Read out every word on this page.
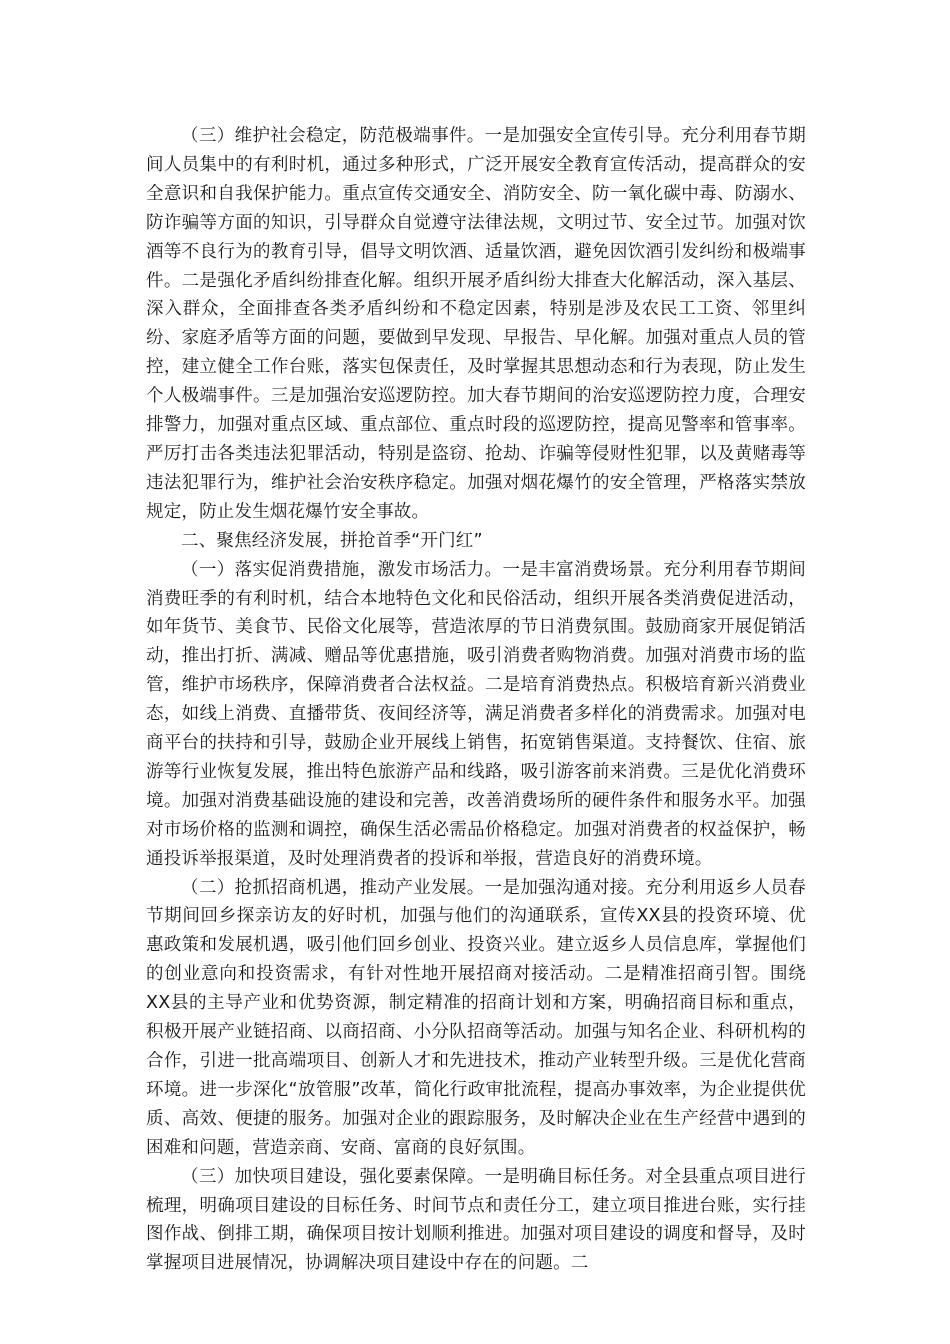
（三）维护社会稳定，防范极端事件。一是加强安全宣传引导。充分利用春节期间人员集中的有利时机，通过多种形式，广泛开展安全教育宣传活动，提高群众的安全意识和自我保护能力。重点宣传交通安全、消防安全、防一氧化碳中毒、防溺水、防诈骗等方面的知识，引导群众自觉遵守法律法规，文明过节、安全过节。加强对饮酒等不良行为的教育引导，倡导文明饮酒、适量饮酒，避免因饮酒引发纠纷和极端事件。二是强化矛盾纠纷排查化解。组织开展矛盾纠纷大排查大化解活动，深入基层、深入群众，全面排查各类矛盾纠纷和不稳定因素，特别是涉及农民工工资、邻里纠纷、家庭矛盾等方面的问题，要做到早发现、早报告、早化解。加强对重点人员的管控，建立健全工作台账，落实包保责任，及时掌握其思想动态和行为表现，防止发生个人极端事件。三是加强治安巡逻防控。加大春节期间的治安巡逻防控力度，合理安排警力，加强对重点区域、重点部位、重点时段的巡逻防控，提高见警率和管事率。严厉打击各类违法犯罪活动，特别是盗窃、抢劫、诈骗等侵财性犯罪，以及黄赌毒等违法犯罪行为，维护社会治安秩序稳定。加强对烟花爆竹的安全管理，严格落实禁放规定，防止发生烟花爆竹安全事故。

二、聚焦经济发展，拼抢首季“开门红”

（一）落实促消费措施，激发市场活力。一是丰富消费场景。充分利用春节期间消费旺季的有利时机，结合本地特色文化和民俗活动，组织开展各类消费促进活动，如年货节、美食节、民俗文化展等，营造浓厚的节日消费氛围。鼓励商家开展促销活动，推出打折、满减、赠品等优惠措施，吸引消费者购物消费。加强对消费市场的监管，维护市场秩序，保障消费者合法权益。二是培育消费热点。积极培育新兴消费业态，如线上消费、直播带货、夜间经济等，满足消费者多样化的消费需求。加强对电商平台的扶持和引导，鼓励企业开展线上销售，拓宽销售渠道。支持餐饮、住宿、旅游等行业恢复发展，推出特色旅游产品和线路，吸引游客前来消费。三是优化消费环境。加强对消费基础设施的建设和完善，改善消费场所的硬件条件和服务水平。加强对市场价格的监测和调控，确保生活必需品价格稳定。加强对消费者的权益保护，畅通投诉举报渠道，及时处理消费者的投诉和举报，营造良好的消费环境。

（二）抢抓招商机遇，推动产业发展。一是加强沟通对接。充分利用返乡人员春节期间回乡探亲访友的好时机，加强与他们的沟通联系，宣传XX县的投资环境、优惠政策和发展机遇，吸引他们回乡创业、投资兴业。建立返乡人员信息库，掌握他们的创业意向和投资需求，有针对性地开展招商对接活动。二是精准招商引智。围绕XX县的主导产业和优势资源，制定精准的招商计划和方案，明确招商目标和重点，积极开展产业链招商、以商招商、小分队招商等活动。加强与知名企业、科研机构的合作，引进一批高端项目、创新人才和先进技术，推动产业转型升级。三是优化营商环境。进一步深化“放管服”改革，简化行政审批流程，提高办事效率，为企业提供优质、高效、便捷的服务。加强对企业的跟踪服务，及时解决企业在生产经营中遇到的困难和问题，营造亲商、安商、富商的良好氛围。

（三）加快项目建设，强化要素保障。一是明确目标任务。对全县重点项目进行梳理，明确项目建设的目标任务、时间节点和责任分工，建立项目推进台账，实行挂图作战、倒排工期，确保项目按计划顺利推进。加强对项目建设的调度和督导，及时掌握项目进展情况，协调解决项目建设中存在的问题。二
